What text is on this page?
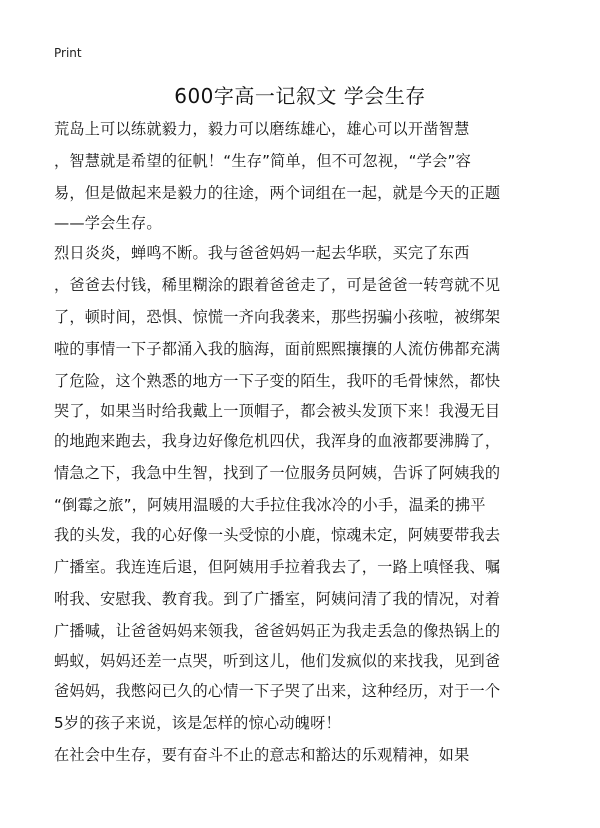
Print
600字高一记叙文 学会生存
荒岛上可以练就毅力，毅力可以磨练雄心，雄心可以开凿智慧
，智慧就是希望的征帆！“生存”简单，但不可忽视，“学会”容
易，但是做起来是毅力的往途，两个词组在一起，就是今天的正题
——学会生存。
烈日炎炎，蝉鸣不断。我与爸爸妈妈一起去华联，买完了东西
，爸爸去付钱，稀里糊涂的跟着爸爸走了，可是爸爸一转弯就不见
了，顿时间，恐惧、惊慌一齐向我袭来，那些拐骗小孩啦，被绑架
啦的事情一下子都涌入我的脑海，面前熙熙攘攘的人流仿佛都充满
了危险，这个熟悉的地方一下子变的陌生，我吓的毛骨悚然，都快
哭了，如果当时给我戴上一顶帽子，都会被头发顶下来！我漫无目
的地跑来跑去，我身边好像危机四伏，我浑身的血液都要沸腾了，
情急之下，我急中生智，找到了一位服务员阿姨，告诉了阿姨我的
“倒霉之旅”，阿姨用温暖的大手拉住我冰冷的小手，温柔的拂平
我的头发，我的心好像一头受惊的小鹿，惊魂未定，阿姨要带我去
广播室。我连连后退，但阿姨用手拉着我去了，一路上嗔怪我、嘱
咐我、安慰我、教育我。到了广播室，阿姨问清了我的情况，对着
广播喊，让爸爸妈妈来领我，爸爸妈妈正为我走丢急的像热锅上的
蚂蚁，妈妈还差一点哭，听到这儿，他们发疯似的来找我，见到爸
爸妈妈，我憋闷已久的心情一下子哭了出来，这种经历，对于一个
5岁的孩子来说，该是怎样的惊心动魄呀！
在社会中生存，要有奋斗不止的意志和豁达的乐观精神，如果
